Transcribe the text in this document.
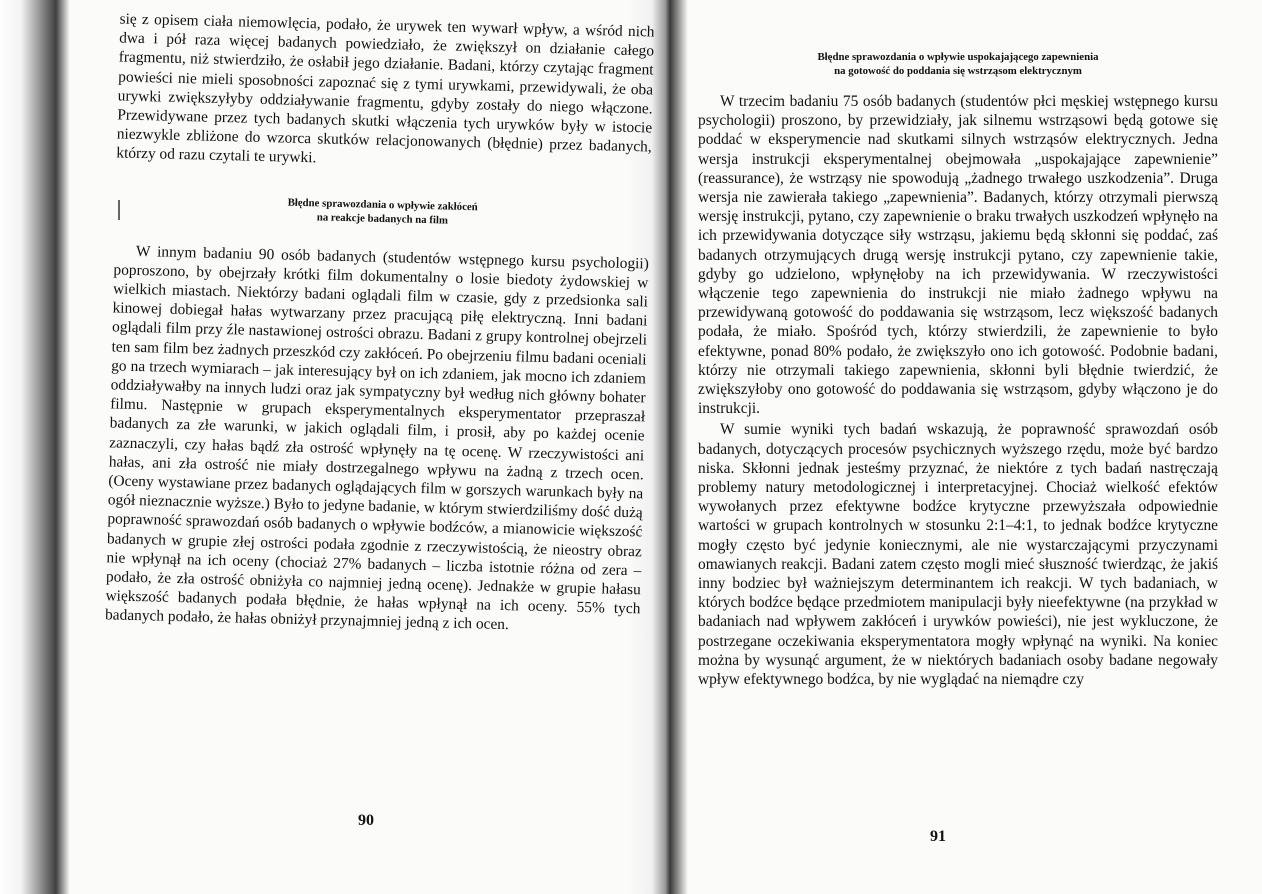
się z opisem ciała niemowlęcia, podało, że urywek ten wywarł wpływ, a wśród nich dwa i pół raza więcej badanych powiedziało, że zwiększył on działanie całego fragmentu, niż stwierdziło, że osłabił jego działanie. Badani, którzy czytając fragment powieści nie mieli sposobności zapoznać się z tymi urywkami, przewidywali, że oba urywki zwiększyłyby oddziaływanie fragmentu, gdyby zostały do niego włączone. Przewidywane przez tych badanych skutki włączenia tych urywków były w istocie niezwykle zbliżone do wzorca skutków relacjonowanych (błędnie) przez badanych, którzy od razu czytali te urywki.

Błędne sprawozdania o wpływie zakłóceń

na reakcje badanych na film

W innym badaniu 90 osób badanych (studentów wstępnego kursu psychologii) poproszono, by obejrzały krótki film dokumentalny o losie biedoty żydowskiej w wielkich miastach. Niektórzy badani oglądali film w czasie, gdy z przedsionka sali kinowej dobiegał hałas wytwarzany przez pracującą piłę elektryczną. Inni badani oglądali film przy źle nastawionej ostrości obrazu. Badani z grupy kontrolnej obejrzeli ten sam film bez żadnych przeszkód czy zakłóceń. Po obejrzeniu filmu badani oceniali go na trzech wymiarach – jak interesujący był on ich zdaniem, jak mocno ich zdaniem oddziaływałby na innych ludzi oraz jak sympatyczny był według nich główny bohater filmu. Następnie w grupach eksperymentalnych eksperymentator przepraszał badanych za złe warunki, w jakich oglądali film, i prosił, aby po każdej ocenie zaznaczyli, czy hałas bądź zła ostrość wpłynęły na tę ocenę. W rzeczywistości ani hałas, ani zła ostrość nie miały dostrzegalnego wpływu na żadną z trzech ocen. (Oceny wystawiane przez badanych oglądających film w gorszych warunkach były na ogół nieznacznie wyższe.) Było to jedyne badanie, w którym stwierdziliśmy dość dużą poprawność sprawozdań osób badanych o wpływie bodźców, a mianowicie większość badanych w grupie złej ostrości podała zgodnie z rzeczywistością, że nieostry obraz nie wpłynął na ich oceny (chociaż 27% badanych – liczba istotnie różna od zera – podało, że zła ostrość obniżyła co najmniej jedną ocenę). Jednakże w grupie hałasu większość badanych podała błędnie, że hałas wpłynął na ich oceny. 55% tych badanych podało, że hałas obniżył przynajmniej jedną z ich ocen.

90

Błędne sprawozdania o wpływie uspokajającego zapewnienia

na gotowość do poddania się wstrząsom elektrycznym

W trzecim badaniu 75 osób badanych (studentów płci męskiej wstępnego kursu psychologii) proszono, by przewidziały, jak silnemu wstrząsowi będą gotowe się poddać w eksperymencie nad skutkami silnych wstrząsów elektrycznych. Jedna wersja instrukcji eksperymentalnej obejmowała „uspokajające zapewnienie” (reassurance), że wstrząsy nie spowodują „żadnego trwałego uszkodzenia”. Druga wersja nie zawierała takiego „zapewnienia”. Badanych, którzy otrzymali pierwszą wersję instrukcji, pytano, czy zapewnienie o braku trwałych uszkodzeń wpłynęło na ich przewidywania dotyczące siły wstrząsu, jakiemu będą skłonni się poddać, zaś badanych otrzymujących drugą wersję instrukcji pytano, czy zapewnienie takie, gdyby go udzielono, wpłynęłoby na ich przewidywania. W rzeczywistości włączenie tego zapewnienia do instrukcji nie miało żadnego wpływu na przewidywaną gotowość do poddawania się wstrząsom, lecz większość badanych podała, że miało. Spośród tych, którzy stwierdzili, że zapewnienie to było efektywne, ponad 80% podało, że zwiększyło ono ich gotowość. Podobnie badani, którzy nie otrzymali takiego zapewnienia, skłonni byli błędnie twierdzić, że zwiększyłoby ono gotowość do poddawania się wstrząsom, gdyby włączono je do instrukcji.

W sumie wyniki tych badań wskazują, że poprawność sprawozdań osób badanych, dotyczących procesów psychicznych wyższego rzędu, może być bardzo niska. Skłonni jednak jesteśmy przyznać, że niektóre z tych badań nastręczają problemy natury metodologicznej i interpretacyjnej. Chociaż wielkość efektów wywołanych przez efektywne bodźce krytyczne przewyższała odpowiednie wartości w grupach kontrolnych w stosunku 2:1–4:1, to jednak bodźce krytyczne mogły często być jedynie koniecznymi, ale nie wystarczającymi przyczynami omawianych reakcji. Badani zatem często mogli mieć słuszność twierdząc, że jakiś inny bodziec był ważniejszym determinantem ich reakcji. W tych badaniach, w których bodźce będące przedmiotem manipulacji były nieefektywne (na przykład w badaniach nad wpływem zakłóceń i urywków powieści), nie jest wykluczone, że postrzegane oczekiwania eksperymentatora mogły wpłynąć na wyniki. Na koniec można by wysunąć argument, że w niektórych badaniach osoby badane negowały wpływ efektywnego bodźca, by nie wyglądać na niemądre czy

91
